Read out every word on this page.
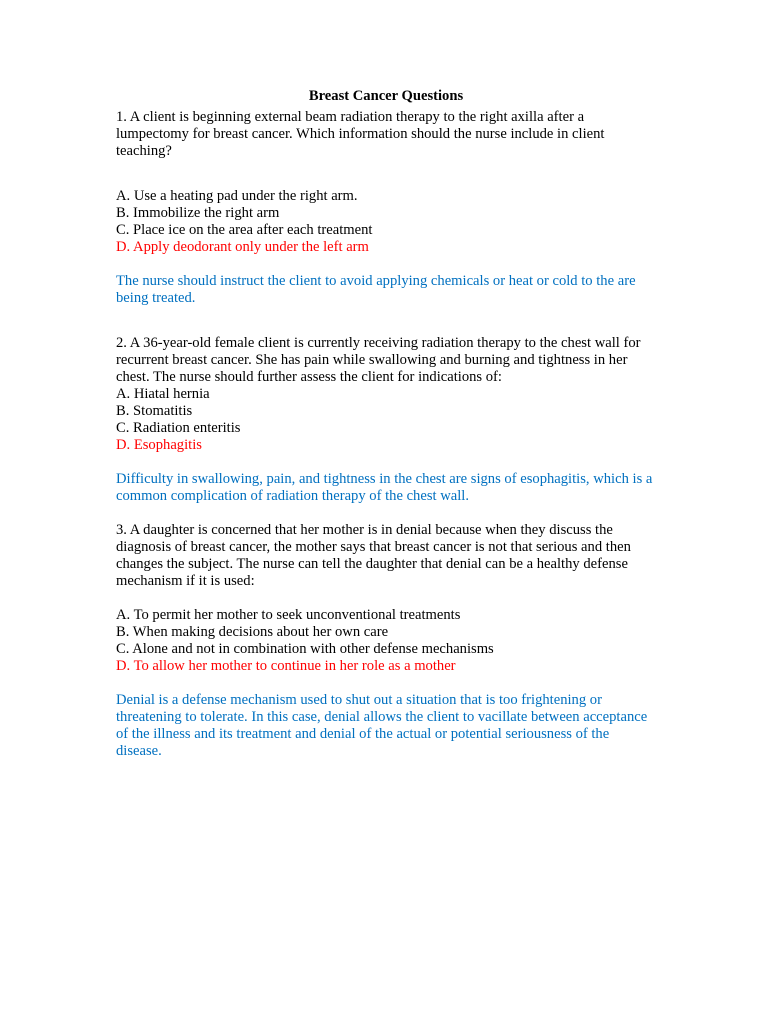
Breast Cancer Questions

1. A client is beginning external beam radiation therapy to the right axilla after a lumpectomy for breast cancer. Which information should the nurse include in client teaching?

A. Use a heating pad under the right arm.
B. Immobilize the right arm
C. Place ice on the area after each treatment
D. Apply deodorant only under the left arm

The nurse should instruct the client to avoid applying chemicals or heat or cold to the are being treated.

2. A 36-year-old female client is currently receiving radiation therapy to the chest wall for recurrent breast cancer. She has pain while swallowing and burning and tightness in her chest. The nurse should further assess the client for indications of:

A. Hiatal hernia
B. Stomatitis
C. Radiation enteritis
D. Esophagitis

Difficulty in swallowing, pain, and tightness in the chest are signs of esophagitis, which is a common complication of radiation therapy of the chest wall.

3. A daughter is concerned that her mother is in denial because when they discuss the diagnosis of breast cancer, the mother says that breast cancer is not that serious and then changes the subject. The nurse can tell the daughter that denial can be a healthy defense mechanism if it is used:

A. To permit her mother to seek unconventional treatments
B. When making decisions about her own care
C. Alone and not in combination with other defense mechanisms
D. To allow her mother to continue in her role as a mother

Denial is a defense mechanism used to shut out a situation that is too frightening or threatening to tolerate. In this case, denial allows the client to vacillate between acceptance of the illness and its treatment and denial of the actual or potential seriousness of the disease.
